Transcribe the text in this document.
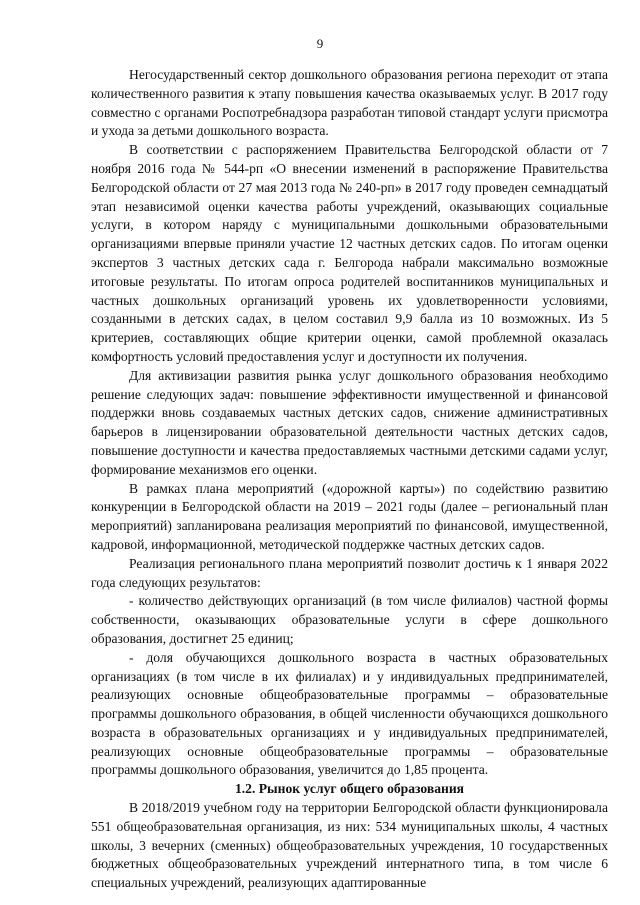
9

Негосударственный сектор дошкольного образования региона переходит от этапа количественного развития к этапу повышения качества оказываемых услуг. В 2017 году совместно с органами Роспотребнадзора разработан типовой стандарт услуги присмотра и ухода за детьми дошкольного возраста.

В соответствии с распоряжением Правительства Белгородской области от 7 ноября 2016 года № 544-рп «О внесении изменений в распоряжение Правительства Белгородской области от 27 мая 2013 года № 240-рп» в 2017 году проведен семнадцатый этап независимой оценки качества работы учреждений, оказывающих социальные услуги, в котором наряду с муниципальными дошкольными образовательными организациями впервые приняли участие 12 частных детских садов. По итогам оценки экспертов 3 частных детских сада г. Белгорода набрали максимально возможные итоговые результаты. По итогам опроса родителей воспитанников муниципальных и частных дошкольных организаций уровень их удовлетворенности условиями, созданными в детских садах, в целом составил 9,9 балла из 10 возможных. Из 5 критериев, составляющих общие критерии оценки, самой проблемной оказалась комфортность условий предоставления услуг и доступности их получения.

Для активизации развития рынка услуг дошкольного образования необходимо решение следующих задач: повышение эффективности имущественной и финансовой поддержки вновь создаваемых частных детских садов, снижение административных барьеров в лицензировании образовательной деятельности частных детских садов, повышение доступности и качества предоставляемых частными детскими садами услуг, формирование механизмов его оценки.

В рамках плана мероприятий («дорожной карты») по содействию развитию конкуренции в Белгородской области на 2019 – 2021 годы (далее – региональный план мероприятий) запланирована реализация мероприятий по финансовой, имущественной, кадровой, информационной, методической поддержке частных детских садов.

Реализация регионального плана мероприятий позволит достичь к 1 января 2022 года следующих результатов:

- количество действующих организаций (в том числе филиалов) частной формы собственности, оказывающих образовательные услуги в сфере дошкольного образования, достигнет 25 единиц;

- доля обучающихся дошкольного возраста в частных образовательных организациях (в том числе в их филиалах) и у индивидуальных предпринимателей, реализующих основные общеобразовательные программы – образовательные программы дошкольного образования, в общей численности обучающихся дошкольного возраста в образовательных организациях и у индивидуальных предпринимателей, реализующих основные общеобразовательные программы – образовательные программы дошкольного образования, увеличится до 1,85 процента.

1.2. Рынок услуг общего образования

В 2018/2019 учебном году на территории Белгородской области функционировала 551 общеобразовательная организация, из них: 534 муниципальных школы, 4 частных школы, 3 вечерних (сменных) общеобразовательных учреждения, 10 государственных бюджетных общеобразовательных учреждений интернатного типа, в том числе 6 специальных учреждений, реализующих адаптированные
